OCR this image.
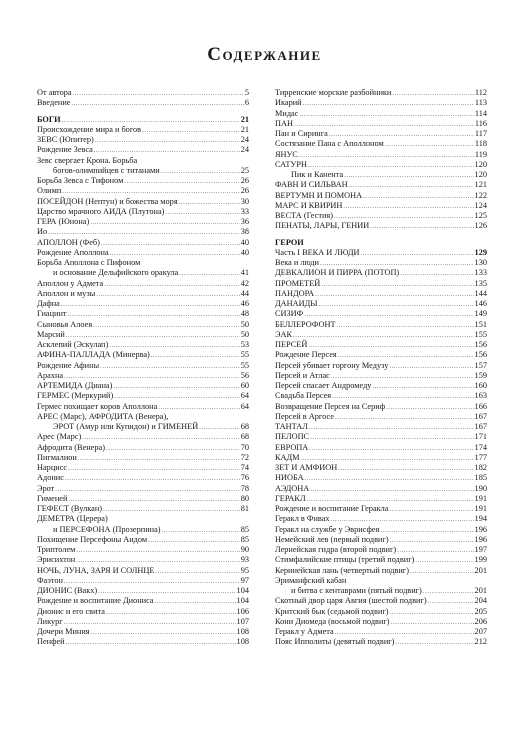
Содержание
От автора .....	5
Введение .....	6
БОГИ .....	21
Происхождение мира и богов .....	21
ЗЕВС (Юпитер) .....	24
Рождение Зевса .....	24
Зевс свергает Крона. Борьба
богов-олимпийцев с титанами .....	25
Борьба Зевса с Тифоном .....	26
Олимп .....	26
ПОСЕЙДОН (Нептун) и божества моря .....	30
Царство мрачного АИДА (Плутона) .....	33
ГЕРА (Юнона) .....	36
Ио .....	38
АПОЛЛОН (Феб) .....	40
Рождение Аполлона .....	40
Борьба Аполлона с Пифоном
и основание Дельфийского оракула .....	41
Аполлон у Адмета .....	42
Аполлон и музы .....	44
Дафна .....	46
Гиацинт .....	48
Сыновья Алоея .....	50
Марсий .....	50
Асклепий (Эскулап) .....	53
АФИНА-ПАЛЛАДА (Минерва) .....	55
Рождение Афины .....	55
Арахна .....	56
АРТЕМИДА (Диана) .....	60
ГЕРМЕС (Меркурий) .....	64
Гермес похищает коров Аполлона .....	64
АРЕС (Марс), АФРОДИТА (Венера),
ЭРОТ (Амур или Купидон) и ГИМЕНЕЙ .....	68
Арес (Марс) .....	68
Афродита (Венера) .....	70
Пигмалион .....	72
Нарцисс .....	74
Адонис .....	76
Эрот .....	78
Гименей .....	80
ГЕФЕСТ (Вулкан) .....	81
ДЕМЕТРА (Церера)
и ПЕРСЕФОНА (Прозерпина) .....	85
Похищение Персефоны Аидом .....	85
Триптолем .....	90
Эрисихтон .....	93
НОЧЬ, ЛУНА, ЗАРЯ И СОЛНЦЕ .....	95
Фаэтон .....	97
ДИОНИС (Вакх) .....	104
Рождение и воспитание Диониса .....	104
Дионис и его свита .....	106
Ликург .....	107
Дочери Миния .....	108
Пенфей .....	108
Тирренские морские разбойники .....	112
Икарий .....	113
Мидас .....	114
ПАН .....	116
Пан и Сиринга .....	117
Состязание Пана с Аполлоном .....	118
ЯНУС .....	119
САТУРН .....	120
Пик и Канента .....	120
ФАВН И СИЛЬВАН .....	121
ВЕРТУМН И ПОМОНА .....	122
МАРС И КВИРИН .....	124
ВЕСТА (Гестия) .....	125
ПЕНАТЫ, ЛАРЫ, ГЕНИИ .....	126
ГЕРОИ
Часть I ВЕКА И ЛЮДИ .....	129
Века и люди .....	130
ДЕВКАЛИОН И ПИРРА (ПОТОП) .....	133
ПРОМЕТЕЙ .....	135
ПАНДОРА .....	144
ДАНАИДЫ .....	146
СИЗИФ .....	149
БЕЛЛЕРОФОНТ .....	151
ЭАК .....	155
ПЕРСЕЙ .....	156
Рождение Персея .....	156
Персей убивает горгону Медузу .....	157
Персей и Атлас .....	159
Персей спасает Андромеду .....	160
Свадьба Персея .....	163
Возвращение Персея на Сериф .....	166
Персей в Аргосе .....	167
ТАНТАЛ .....	167
ПЕЛОПС .....	171
ЕВРОПА .....	174
КАДМ .....	177
ЗЕТ И АМФИОН .....	182
НИОБА .....	185
АЭДОНА .....	190
ГЕРАКЛ .....	191
Рождение и воспитание Геракла .....	191
Геракл в Фивах .....	194
Геракл на службе у Эврисфея .....	196
Немейский лев (первый подвиг) .....	196
Лернейская гидра (второй подвиг) .....	197
Стимфалийские птицы (третий подвиг) .....	199
Керинейская лань (четвертый подвиг) .....	201
Эриманфский кабан
и битва с кентаврами (пятый подвиг) .....	201
Скотный двор царя Авгия (шестой подвиг) .....	204
Критский бык (седьмой подвиг) .....	205
Кони Диомеда (восьмой подвиг) .....	206
Геракл у Адмета .....	207
Пояс Ипполиты (девятый подвиг) .....	212
